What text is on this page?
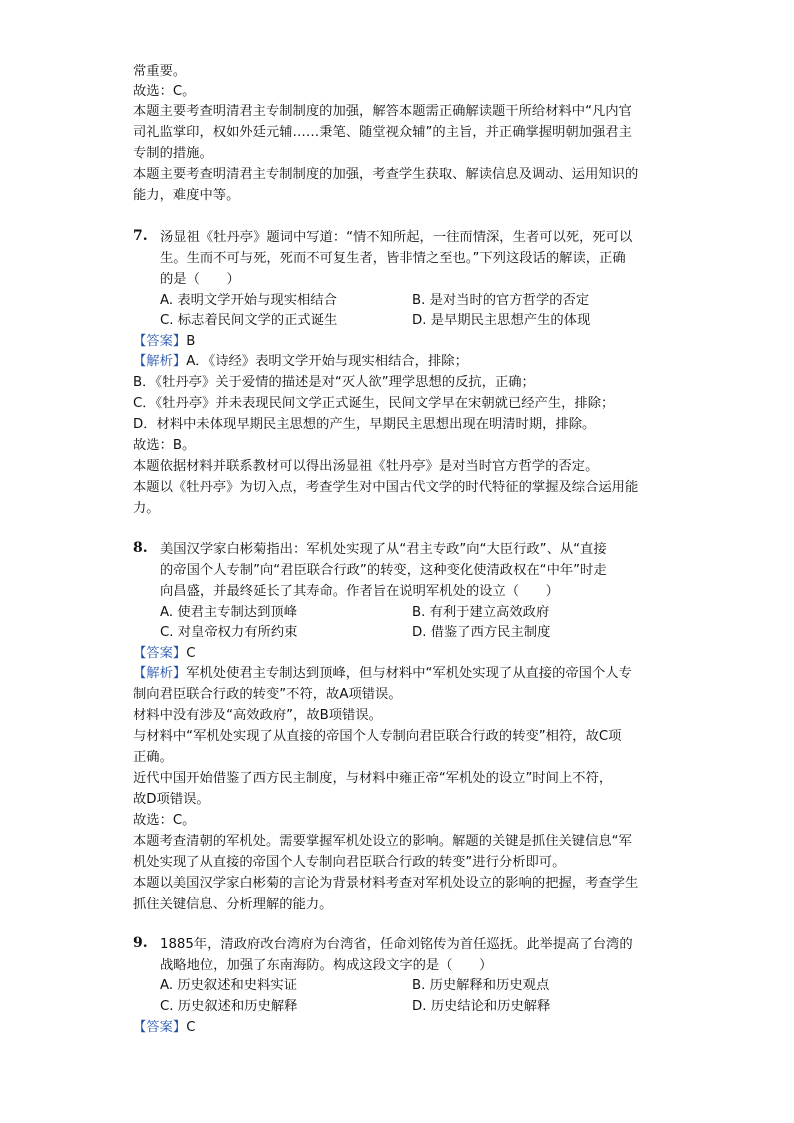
常重要。
故选：C。
本题主要考查明清君主专制制度的加强，解答本题需正确解读题干所给材料中“凡内官
司礼监掌印，权如外廷元辅……秉笔、随堂视众辅”的主旨，并正确掌握明朝加强君主
专制的措施。
本题主要考查明清君主专制制度的加强，考查学生获取、解读信息及调动、运用知识的
能力，难度中等。
7. 汤显祖《牡丹亭》题词中写道：“情不知所起，一往而情深，生者可以死，死可以
生。生而不可与死，死而不可复生者，皆非情之至也。”下列这段话的解读，正确
的是（　　）
A. 表明文学开始与现实相结合	B. 是对当时的官方哲学的否定
C. 标志着民间文学的正式诞生	D. 是早期民主思想产生的体现
【答案】B
【解析】A．《诗经》表明文学开始与现实相结合，排除；
B．《牡丹亭》关于爱情的描述是对“灭人欲”理学思想的反抗，正确；
C．《牡丹亭》并未表现民间文学正式诞生，民间文学早在宋朝就已经产生，排除；
D．材料中未体现早期民主思想的产生，早期民主思想出现在明清时期，排除。
故选：B。
本题依据材料并联系教材可以得出汤显祖《牡丹亭》是对当时官方哲学的否定。
本题以《牡丹亭》为切入点，考查学生对中国古代文学的时代特征的掌握及综合运用能
力。
8. 美国汉学家白彬菊指出：军机处实现了从“君主专政”向“大臣行政”、从“直接
的帝国个人专制”向“君臣联合行政”的转变，这种变化使清政权在“中年”时走
向昌盛，并最终延长了其寿命。作者旨在说明军机处的设立（　　）
A. 使君主专制达到顶峰	B. 有利于建立高效政府
C. 对皇帝权力有所约束	D. 借鉴了西方民主制度
【答案】C
【解析】军机处使君主专制达到顶峰，但与材料中“军机处实现了从直接的帝国个人专
制向君臣联合行政的转变”不符，故A项错误。
材料中没有涉及“高效政府”，故B项错误。
与材料中“军机处实现了从直接的帝国个人专制向君臣联合行政的转变”相符，故C项
正确。
近代中国开始借鉴了西方民主制度，与材料中雍正帝“军机处的设立”时间上不符，
故D项错误。
故选：C。
本题考查清朝的军机处。需要掌握军机处设立的影响。解题的关键是抓住关键信息“军
机处实现了从直接的帝国个人专制向君臣联合行政的转变”进行分析即可。
本题以美国汉学家白彬菊的言论为背景材料考查对军机处设立的影响的把握，考查学生
抓住关键信息、分析理解的能力。
9. 1885年，清政府改台湾府为台湾省，任命刘铭传为首任巡抚。此举提高了台湾的
战略地位，加强了东南海防。构成这段文字的是（　　）
A. 历史叙述和史料实证	B. 历史解释和历史观点
C. 历史叙述和历史解释	D. 历史结论和历史解释
【答案】C
